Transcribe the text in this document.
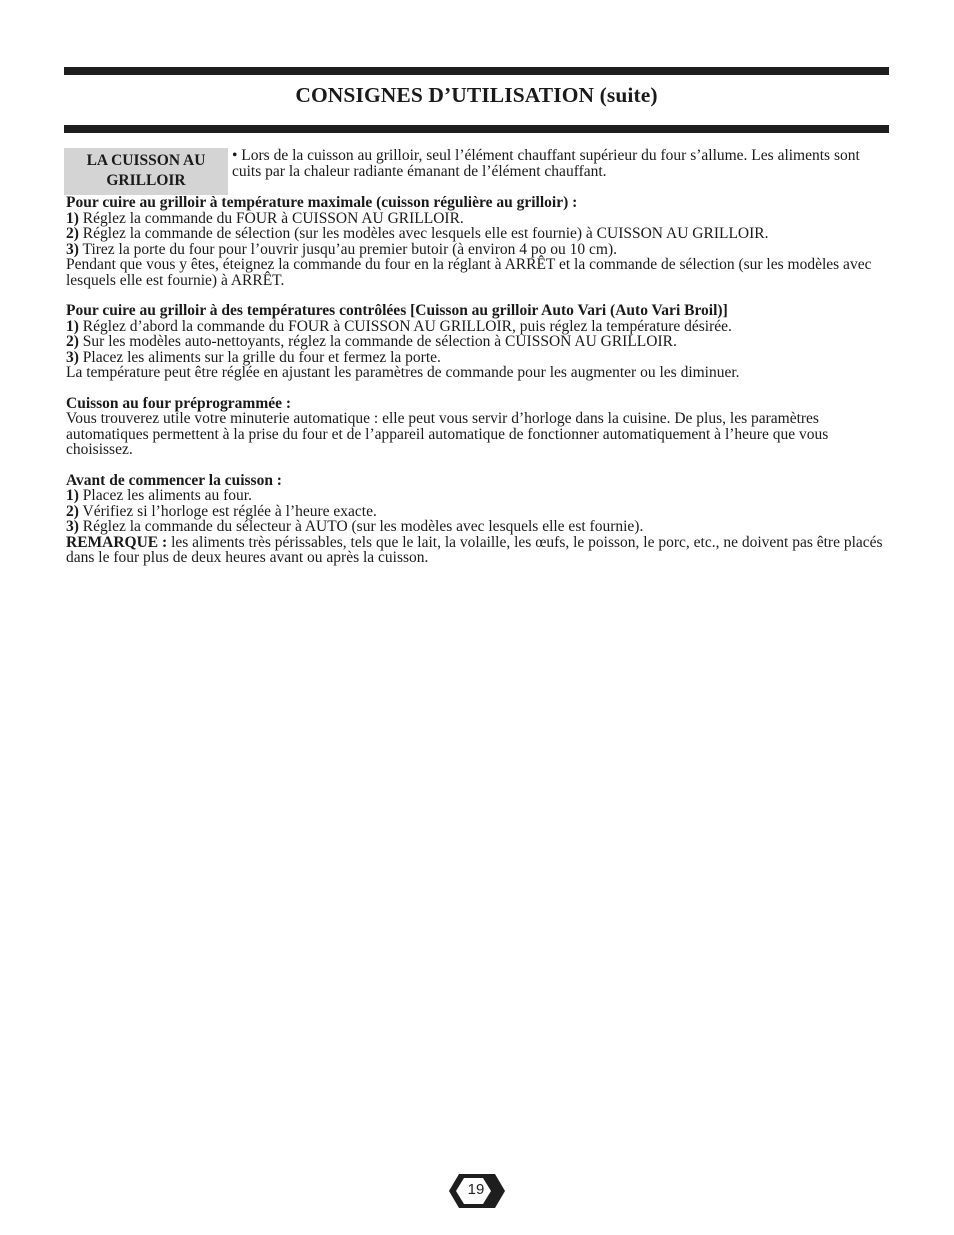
CONSIGNES D’UTILISATION (suite)
LA CUISSON AU GRILLOIR
• Lors de la cuisson au grilloir, seul l’élément chauffant supérieur du four s’allume. Les aliments sont cuits par la chaleur radiante émanant de l’élément chauffant.

Pour cuire au grilloir à température maximale (cuisson régulière au grilloir) :

1) Réglez la commande du FOUR à CUISSON AU GRILLOIR.

2) Réglez la commande de sélection (sur les modèles avec lesquels elle est fournie) à CUISSON AU GRILLOIR.

3) Tirez la porte du four pour l’ouvrir jusqu’au premier butoir (à environ 4 po ou 10 cm).

Pendant que vous y êtes, éteignez la commande du four en la réglant à ARRÊT et la commande de sélection (sur les modèles avec lesquels elle est fournie) à ARRÊT.

Pour cuire au grilloir à des températures contrôlées [Cuisson au grilloir Auto Vari (Auto Vari Broil)]

1) Réglez d’abord la commande du FOUR à CUISSON AU GRILLOIR, puis réglez la température désirée.

2) Sur les modèles auto-nettoyants, réglez la commande de sélection à CUISSON AU GRILLOIR.

3) Placez les aliments sur la grille du four et fermez la porte.

La température peut être réglée en ajustant les paramètres de commande pour les augmenter ou les diminuer.

Cuisson au four préprogrammée :

Vous trouverez utile votre minuterie automatique : elle peut vous servir d’horloge dans la cuisine. De plus, les paramètres automatiques permettent à la prise du four et de l’appareil automatique de fonctionner automatiquement à l’heure que vous choisissez.

Avant de commencer la cuisson :

1) Placez les aliments au four.

2) Vérifiez si l’horloge est réglée à l’heure exacte.

3) Réglez la commande du sélecteur à AUTO (sur les modèles avec lesquels elle est fournie).

REMARQUE : les aliments très périssables, tels que le lait, la volaille, les œufs, le poisson, le porc, etc., ne doivent pas être placés dans le four plus de deux heures avant ou après la cuisson.

19
